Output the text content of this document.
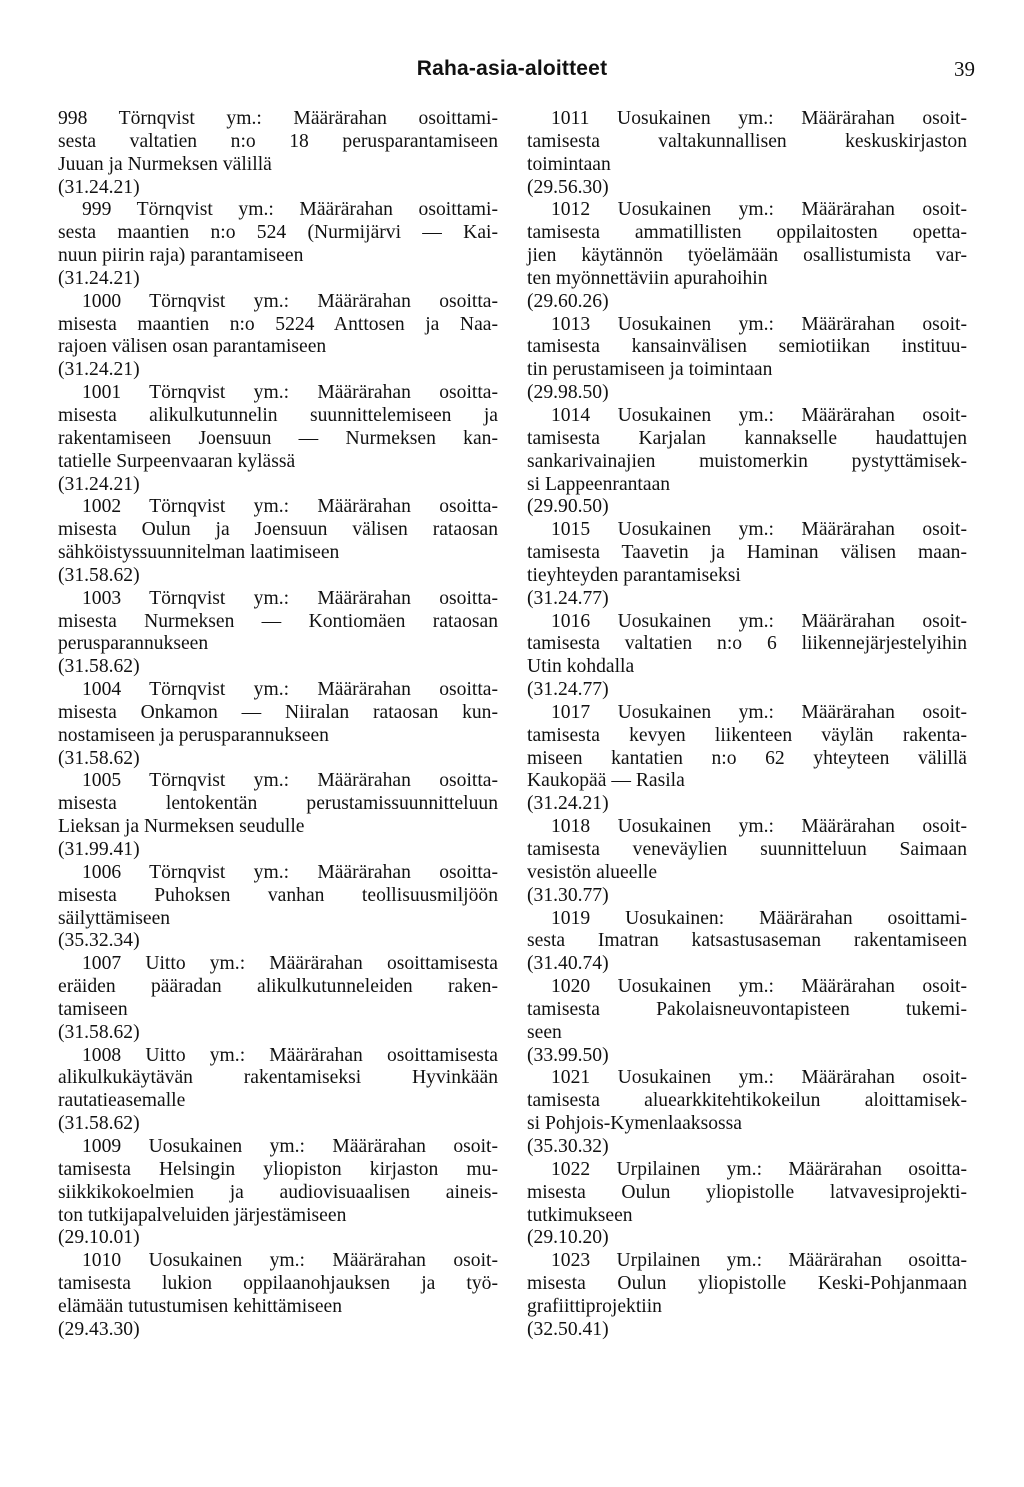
Raha-asia-aloitteet	39
998 Törnqvist ym.: Määrärahan osoittami-
sesta valtatien n:o 18 perusparantamiseen
Juuan ja Nurmeksen välillä
(31.24.21)
999 Törnqvist ym.: Määrärahan osoittami-
sesta maantien n:o 524 (Nurmijärvi — Kai-
nuun piirin raja) parantamiseen
(31.24.21)
1000 Törnqvist ym.: Määrärahan osoitta-
misesta maantien n:o 5224 Anttosen ja Naa-
rajoen välisen osan parantamiseen
(31.24.21)
1001 Törnqvist ym.: Määrärahan osoitta-
misesta alikulkutunnelin suunnittelemiseen ja
rakentamiseen Joensuun — Nurmeksen kan-
tatielle Surpeenvaaran kylässä
(31.24.21)
1002 Törnqvist ym.: Määrärahan osoitta-
misesta Oulun ja Joensuun välisen rataosan
sähköistyssuunnitelman laatimiseen
(31.58.62)
1003 Törnqvist ym.: Määrärahan osoitta-
misesta Nurmeksen — Kontiomäen rataosan
perusparannukseen
(31.58.62)
1004 Törnqvist ym.: Määrärahan osoitta-
misesta Onkamon — Niiralan rataosan kun-
nostamiseen ja perusparannukseen
(31.58.62)
1005 Törnqvist ym.: Määrärahan osoitta-
misesta lentokentän perustamissuunnitteluun
Lieksan ja Nurmeksen seudulle
(31.99.41)
1006 Törnqvist ym.: Määrärahan osoitta-
misesta Puhoksen vanhan teollisuusmiljöön
säilyttämiseen
(35.32.34)
1007 Uitto ym.: Määrärahan osoittamisesta
eräiden pääradan alikulkutunneleiden raken-
tamiseen
(31.58.62)
1008 Uitto ym.: Määrärahan osoittamisesta
alikulkukäytävän rakentamiseksi Hyvinkään
rautatieasemalle
(31.58.62)
1009 Uosukainen ym.: Määrärahan osoit-
tamisesta Helsingin yliopiston kirjaston mu-
siikkikokoelmien ja audiovisuaalisen aineis-
ton tutkijapalveluiden järjestämiseen
(29.10.01)
1010 Uosukainen ym.: Määrärahan osoit-
tamisesta lukion oppilaanohjauksen ja työ-
elämään tutustumisen kehittämiseen
(29.43.30)
1011 Uosukainen ym.: Määrärahan osoit-
tamisesta valtakunnallisen keskuskirjaston
toimintaan
(29.56.30)
1012 Uosukainen ym.: Määrärahan osoit-
tamisesta ammatillisten oppilaitosten opetta-
jien käytännön työelämään osallistumista var-
ten myönnettäviin apurahoihin
(29.60.26)
1013 Uosukainen ym.: Määrärahan osoit-
tamisesta kansainvälisen semiotiikan instituu-
tin perustamiseen ja toimintaan
(29.98.50)
1014 Uosukainen ym.: Määrärahan osoit-
tamisesta Karjalan kannakselle haudattujen
sankarivainajien muistomerkin pystyttämisek-
si Lappeenrantaan
(29.90.50)
1015 Uosukainen ym.: Määrärahan osoit-
tamisesta Taavetin ja Haminan välisen maan-
tieyhteyden parantamiseksi
(31.24.77)
1016 Uosukainen ym.: Määrärahan osoit-
tamisesta valtatien n:o 6 liikennejärjestelyihin
Utin kohdalla
(31.24.77)
1017 Uosukainen ym.: Määrärahan osoit-
tamisesta kevyen liikenteen väylän rakenta-
miseen kantatien n:o 62 yhteyteen välillä
Kaukopää — Rasila
(31.24.21)
1018 Uosukainen ym.: Määrärahan osoit-
tamisesta veneväylien suunnitteluun Saimaan
vesistön alueelle
(31.30.77)
1019 Uosukainen: Määrärahan osoittami-
sesta Imatran katsastusaseman rakentamiseen
(31.40.74)
1020 Uosukainen ym.: Määrärahan osoit-
tamisesta Pakolaisneuvontapisteen tukemi-
seen
(33.99.50)
1021 Uosukainen ym.: Määrärahan osoit-
tamisesta aluearkkitehtikokeilun aloittamisek-
si Pohjois-Kymenlaaksossa
(35.30.32)
1022 Urpilainen ym.: Määrärahan osoitta-
misesta Oulun yliopistolle latvavesiprojekti-
tutkimukseen
(29.10.20)
1023 Urpilainen ym.: Määrärahan osoitta-
misesta Oulun yliopistolle Keski-Pohjanmaan
grafiittiprojektiin
(32.50.41)
